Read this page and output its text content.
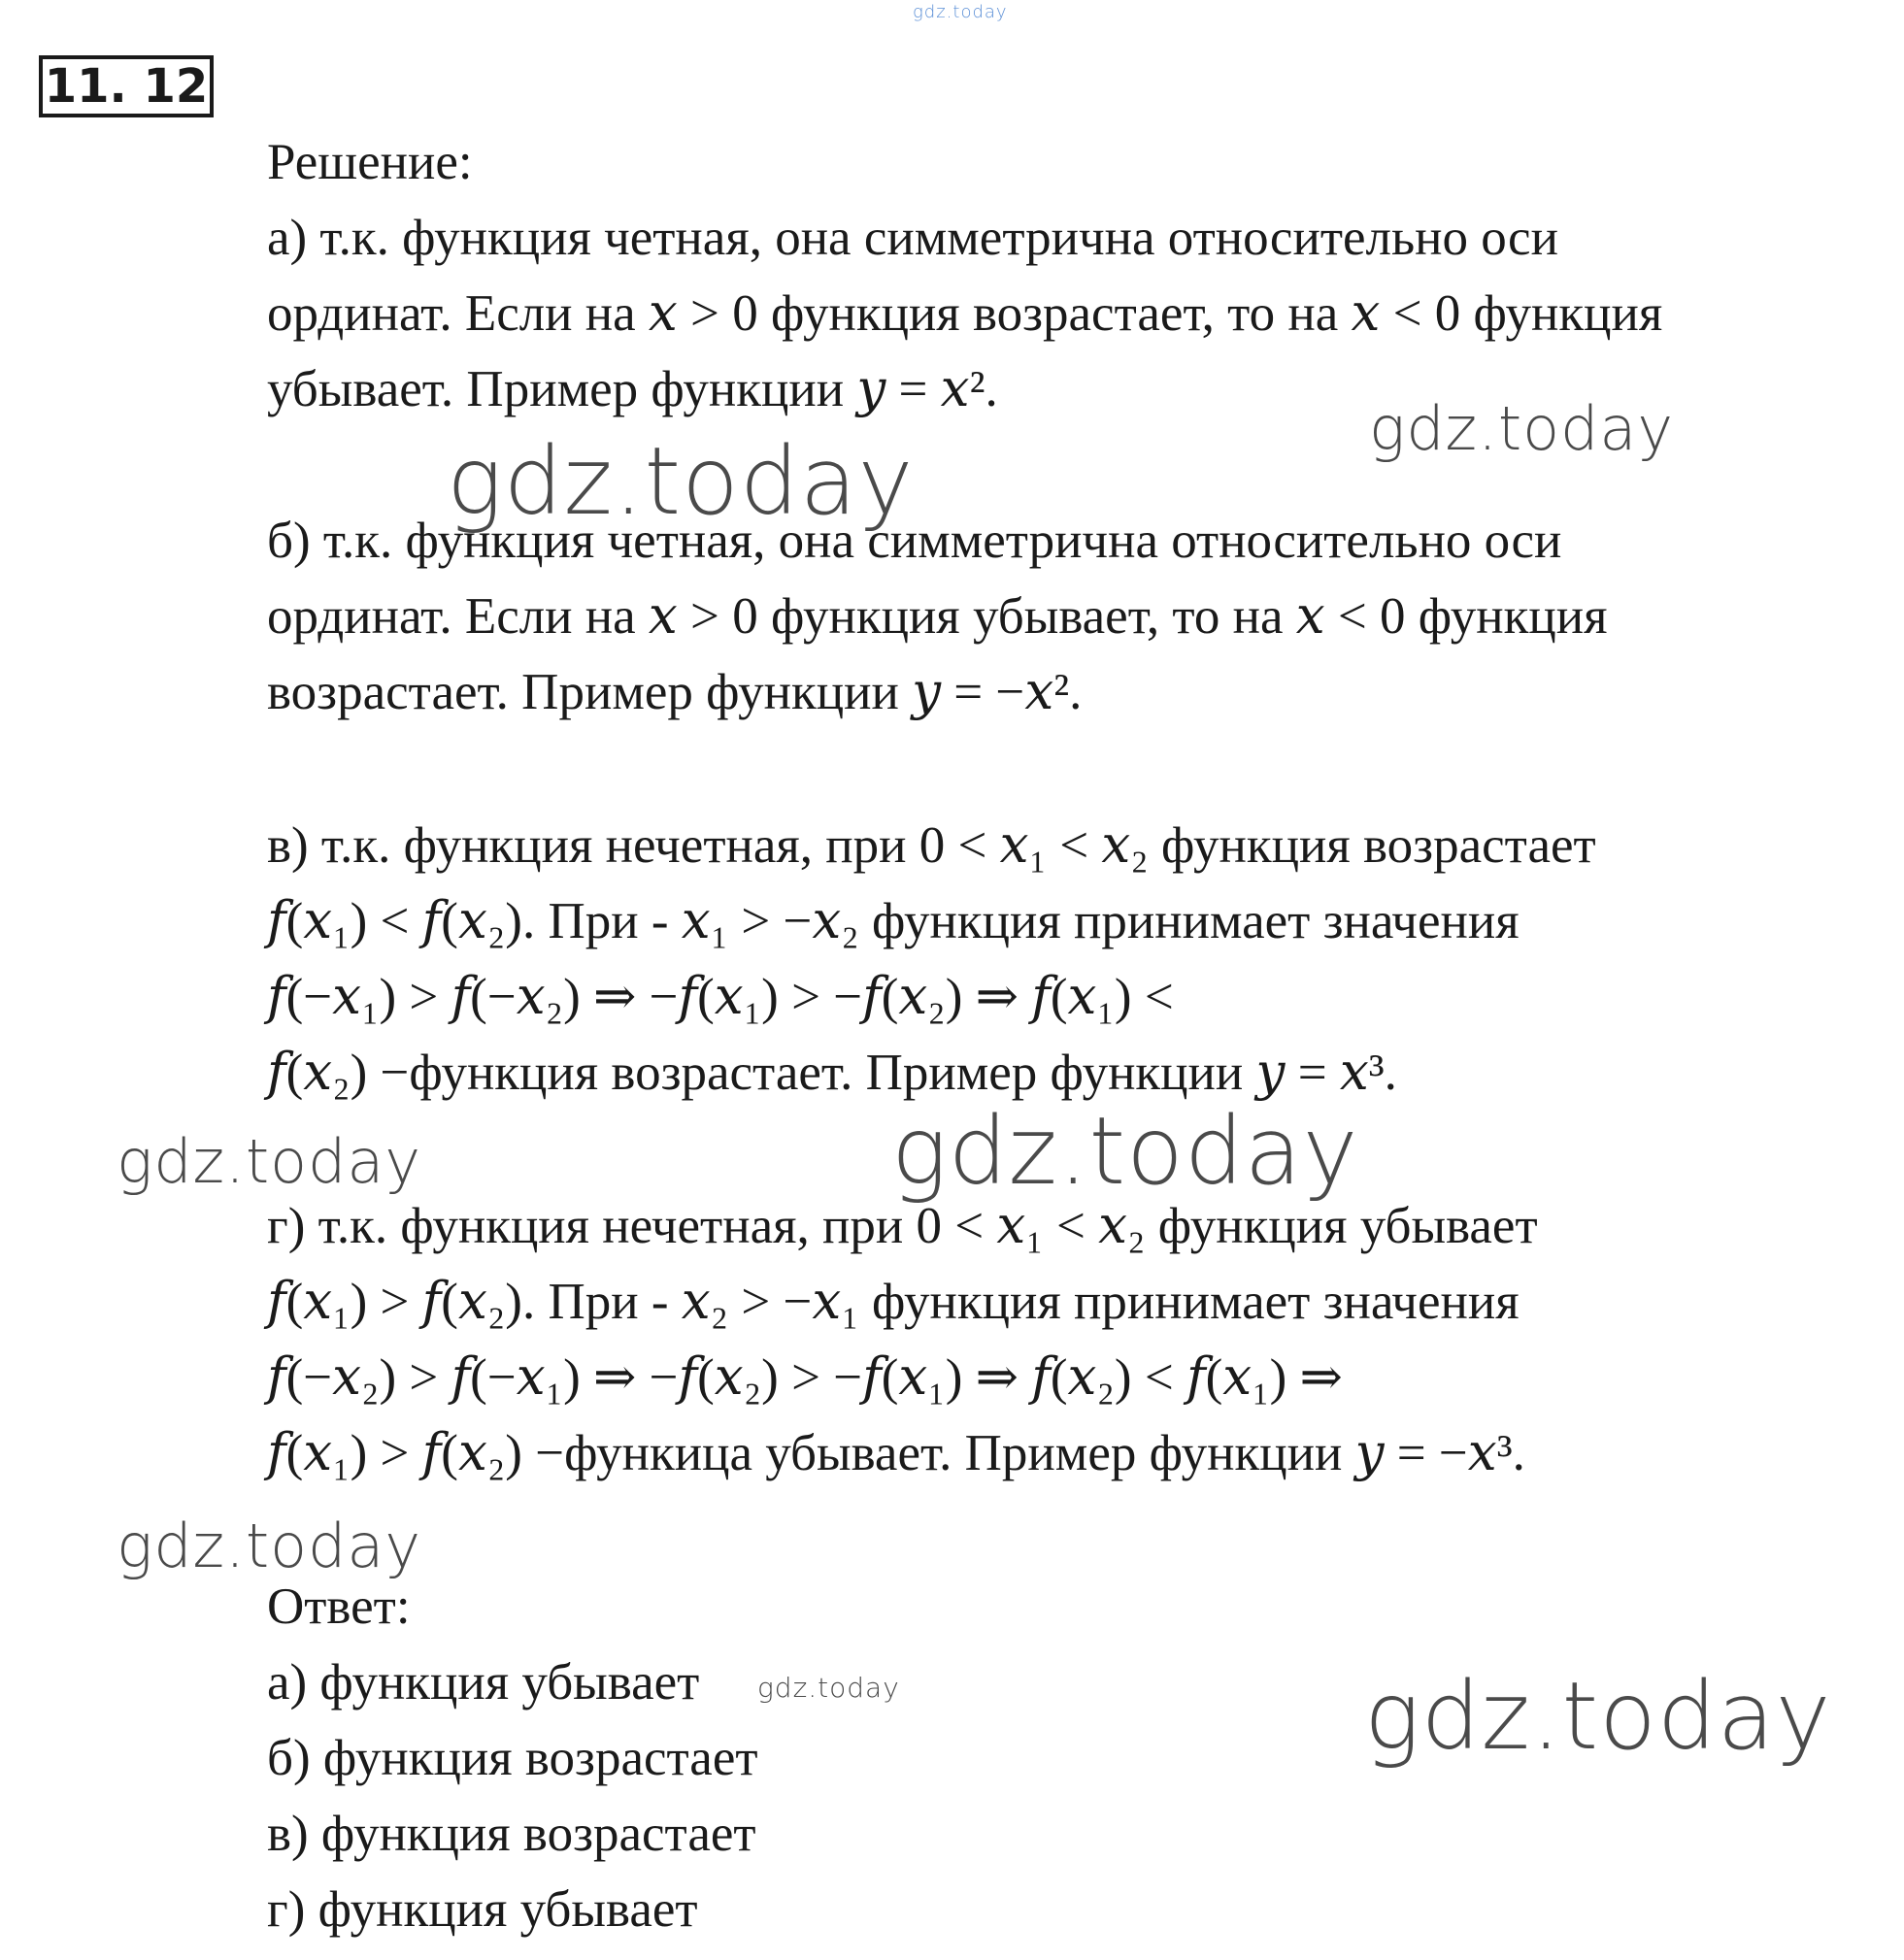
11. 12
Решение:
а) т.к. функция четная, она симметрична относительно оси
ординат. Если на 𝑥 > 0 функция возрастает, то на 𝑥 < 0 функция
убывает. Пример функции 𝑦 = 𝑥².
б) т.к. функция четная, она симметрична относительно оси
ординат. Если на 𝑥 > 0 функция убывает, то на 𝑥 < 0 функция
возрастает. Пример функции 𝑦 = −𝑥².
в) т.к. функция нечетная, при 0 < 𝑥₁ < 𝑥₂ функция возрастает
𝑓(𝑥₁) < 𝑓(𝑥₂). При - 𝑥₁ > −𝑥₂ функция принимает значения
𝑓(−𝑥₁) > 𝑓(−𝑥₂) ⇒ −𝑓(𝑥₁) > −𝑓(𝑥₂) ⇒ 𝑓(𝑥₁) <
𝑓(𝑥₂) −функция возрастает. Пример функции 𝑦 = 𝑥³.
г) т.к. функция нечетная, при 0 < 𝑥₁ < 𝑥₂ функция убывает
𝑓(𝑥₁) > 𝑓(𝑥₂). При - 𝑥₂ > −𝑥₁ функция принимает значения
𝑓(−𝑥₂) > 𝑓(−𝑥₁) ⇒ −𝑓(𝑥₂) > −𝑓(𝑥₁) ⇒ 𝑓(𝑥₂) < 𝑓(𝑥₁) ⇒
𝑓(𝑥₁) > 𝑓(𝑥₂) −функица убывает. Пример функции 𝑦 = −𝑥³.
Ответ:
а) функция убывает
б) функция возрастает
в) функция возрастает
г) функция убывает
gdz.today
gdz.today
gdz.today
gdz.today	gdz.today
gdz.today
gdz.today	gdz.today
